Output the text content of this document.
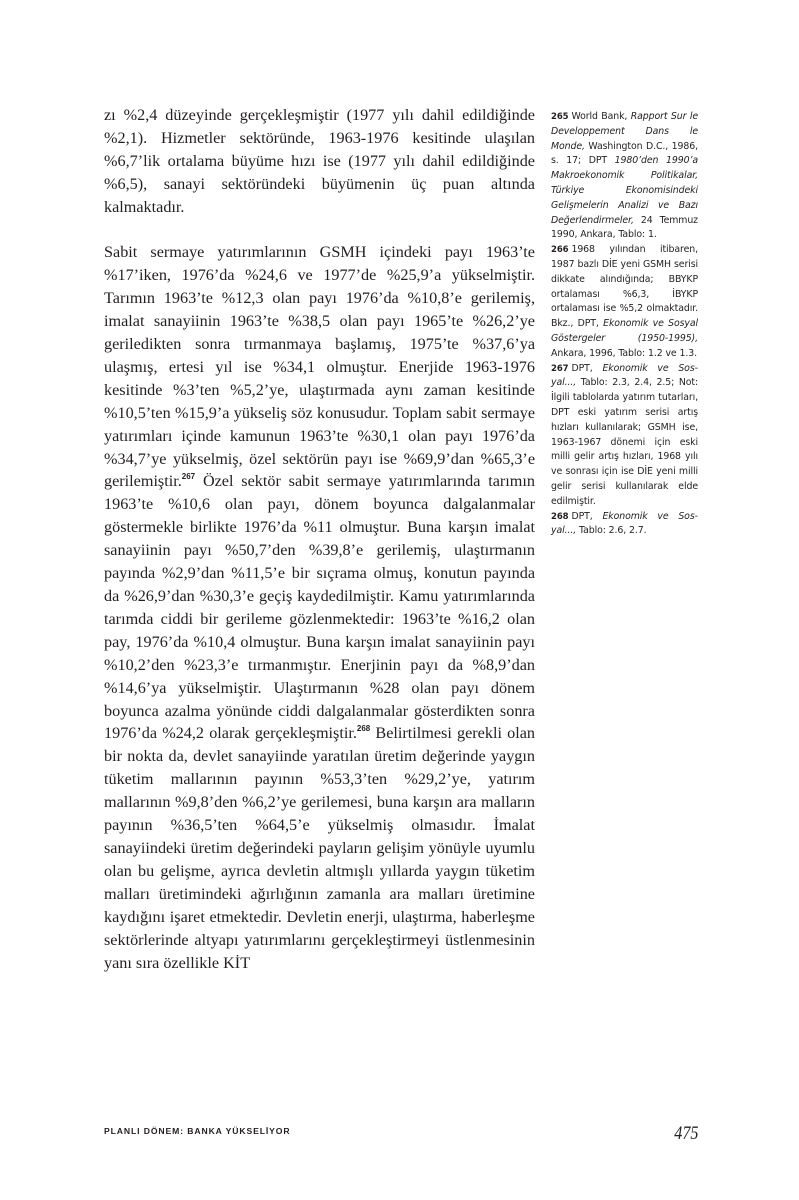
zı %2,4 düzeyinde gerçekleşmiştir (1977 yılı dahil edildiğinde %2,1). Hizmetler sektöründe, 1963-1976 kesitinde ulaşılan %6,7’lik ortalama büyüme hızı ise (1977 yılı dahil edildiğinde %6,5), sanayi sektöründeki büyümenin üç puan altında kalmaktadır.

Sabit sermaye yatırımlarının GSMH içindeki payı 1963’te %17’iken, 1976’da %24,6 ve 1977’de %25,9’a yükselmiştir. Tarımın 1963’te %12,3 olan payı 1976’da %10,8’e gerilemiş, imalat sanayiinin 1963’te %38,5 olan payı 1965’te %26,2’ye geriledikten sonra tırmanmaya başlamış, 1975’te %37,6’ya ulaşmış, ertesi yıl ise %34,1 olmuştur. Enerjide 1963-1976 kesitinde %3’ten %5,2’ye, ulaştırmada aynı zaman kesitinde %10,5’ten %15,9’a yükseliş söz konusudur. Toplam sabit sermaye yatırımları içinde kamunun 1963’te %30,1 olan payı 1976’da %34,7’ye yükselmiş, özel sektörün payı ise %69,9’dan %65,3’e gerilemiştir.$^{267}$ Özel sektör sabit sermaye yatırımlarında tarımın 1963’te %10,6 olan payı, dönem boyunca dalgalanmalar göstermekle birlikte 1976’da %11 olmuştur. Buna karşın imalat sanayiinin payı %50,7’den %39,8’e gerilemiş, ulaştırmanın payında %2,9’dan %11,5’e bir sıçrama olmuş, konutun payında da %26,9’dan %30,3’e geçiş kaydedilmiştir. Kamu yatırımlarında tarımda ciddi bir gerileme gözlenmektedir: 1963’te %16,2 olan pay, 1976’da %10,4 olmuştur. Buna karşın imalat sanayiinin payı %10,2’den %23,3’e tırmanmıştır. Enerjinin payı da %8,9’dan %14,6’ya yükselmiştir. Ulaştırmanın %28 olan payı dönem boyunca azalma yönünde ciddi dalgalanmalar gösterdikten sonra 1976’da %24,2 olarak gerçekleşmiştir.$^{268}$ Belirtilmesi gerekli olan bir nokta da, devlet sanayiinde yaratılan üretim değerinde yaygın tüketim mallarının payının %53,3’ten %29,2’ye, yatırım mallarının %9,8’den %6,2’ye gerilemesi, buna karşın ara malların payının %36,5’ten %64,5’e yükselmiş olmasıdır. İmalat sanayiindeki üretim değerindeki payların gelişim yönüyle uyumlu olan bu gelişme, ayrıca devletin altmışlı yıllarda yaygın tüketim malları üretimindeki ağırlığının zamanla ara malları üretimine kaydığını işaret etmektedir. Devletin enerji, ulaştırma, haberleşme sektörlerinde altyapı yatırımlarını gerçekleştirmeyi üstlenmesinin yanı sıra özellikle KİT

265 World Bank, Rapport Sur le Developpement Dans le Monde, Washington D.C., 1986, s. 17; DPT 1980’den 1990’a Makroekonomik Politikalar, Türkiye Ekonomisindeki Gelişmelerin Analizi ve Bazı Değerlendirmeler, 24 Temmuz 1990, Ankara, Tablo: 1.
266 1968 yılından itibaren, 1987 bazlı DİE yeni GSMH serisi dikkate alındığında; BBYKP ortalaması %6,3, İBYKP ortalaması ise %5,2 olmaktadır. Bkz., DPT, Ekonomik ve Sosyal Göstergeler (1950-1995), Ankara, 1996, Tablo: 1.2 ve 1.3.
267 DPT, Ekonomik ve Sosyal..., Tablo: 2.3, 2.4, 2.5; Not: İlgili tablolarda yatırım tutarları, DPT eski yatırım serisi artış hızları kullanılarak; GSMH ise, 1963-1967 dönemi için eski milli gelir artış hızları, 1968 yılı ve sonrası için ise DİE yeni milli gelir serisi kullanılarak elde edilmiştir.
268 DPT, Ekonomik ve Sosyal..., Tablo: 2.6, 2.7.
PLANLI DÖNEM: BANKA YÜKSELİYOR	475
